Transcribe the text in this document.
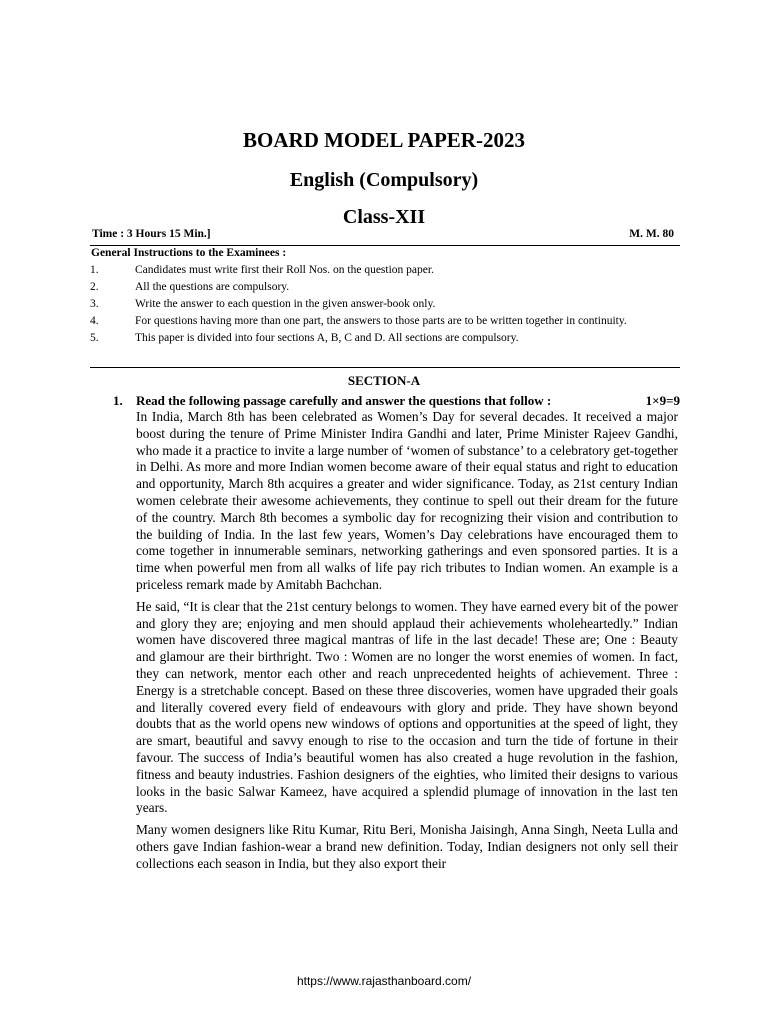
BOARD MODEL PAPER-2023
English (Compulsory)
Class-XII
Time : 3 Hours 15 Min.]	M. M. 80
General Instructions to the Examinees :
1.	Candidates must write first their Roll Nos. on the question paper.
2.	All the questions are compulsory.
3.	Write the answer to each question in the given answer-book only.
4.	For questions having more than one part, the answers to those parts are to be written together in continuity.
5.	This paper is divided into four sections A, B, C and D. All sections are compulsory.
SECTION-A
1. Read the following passage carefully and answer the questions that follow :	1×9=9

In India, March 8th has been celebrated as Women’s Day for several decades. It received a major boost during the tenure of Prime Minister Indira Gandhi and later, Prime Minister Rajeev Gandhi, who made it a practice to invite a large number of ‘women of substance’ to a celebratory get-together in Delhi. As more and more Indian women become aware of their equal status and right to education and opportunity, March 8th acquires a greater and wider significance. Today, as 21st century Indian women celebrate their awesome achievements, they continue to spell out their dream for the future of the country. March 8th becomes a symbolic day for recognizing their vision and contribution to the building of India. In the last few years, Women’s Day celebrations have encouraged them to come together in innumerable seminars, networking gatherings and even sponsored parties. It is a time when powerful men from all walks of life pay rich tributes to Indian women. An example is a priceless remark made by Amitabh Bachchan.

He said, “It is clear that the 21st century belongs to women. They have earned every bit of the power and glory they are; enjoying and men should applaud their achievements wholeheartedly.” Indian women have discovered three magical mantras of life in the last decade! These are; One : Beauty and glamour are their birthright. Two : Women are no longer the worst enemies of women. In fact, they can network, mentor each other and reach unprecedented heights of achievement. Three : Energy is a stretchable concept. Based on these three discoveries, women have upgraded their goals and literally covered every field of endeavours with glory and pride. They have shown beyond doubts that as the world opens new windows of options and opportunities at the speed of light, they are smart, beautiful and savvy enough to rise to the occasion and turn the tide of fortune in their favour. The success of India’s beautiful women has also created a huge revolution in the fashion, fitness and beauty industries. Fashion designers of the eighties, who limited their designs to various looks in the basic Salwar Kameez, have acquired a splendid plumage of innovation in the last ten years.

Many women designers like Ritu Kumar, Ritu Beri, Monisha Jaisingh, Anna Singh, Neeta Lulla and others gave Indian fashion-wear a brand new definition. Today, Indian designers not only sell their collections each season in India, but they also export their

https://www.rajasthanboard.com/
